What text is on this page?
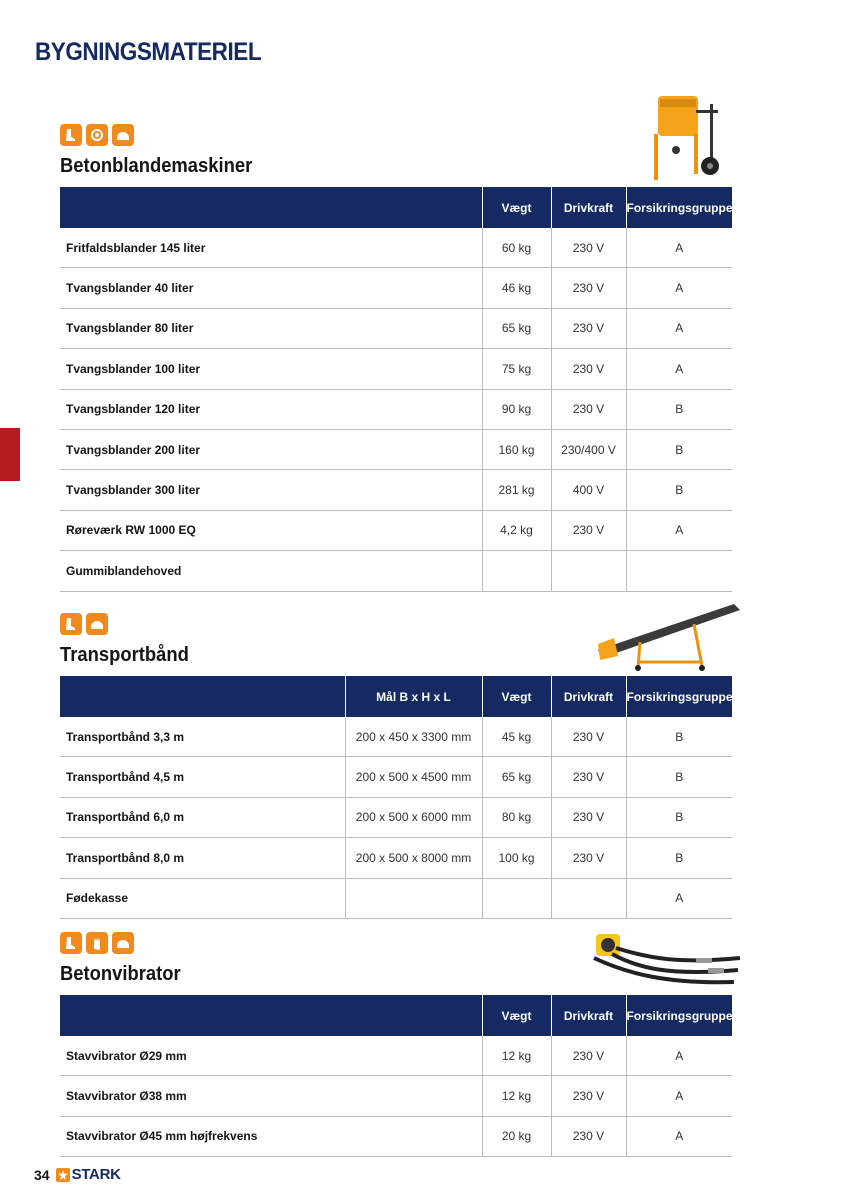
BYGNINGSMATERIEL
Betonblandemaskiner
	Vægt	Drivkraft	Forsikringsgruppe
Fritfaldsblander 145 liter	60 kg	230 V	A
Tvangsblander 40 liter	46 kg	230 V	A
Tvangsblander 80 liter	65 kg	230 V	A
Tvangsblander 100 liter	75 kg	230 V	A
Tvangsblander 120 liter	90 kg	230 V	B
Tvangsblander 200 liter	160 kg	230/400 V	B
Tvangsblander 300 liter	281 kg	400 V	B
Røreværk RW 1000 EQ	4,2 kg	230 V	A
Gummiblandehoved			
Transportbånd
	Mål B x H x L	Vægt	Drivkraft	Forsikringsgruppe
Transportbånd 3,3 m	200 x 450 x 3300 mm	45 kg	230 V	B
Transportbånd 4,5 m	200 x 500 x 4500 mm	65 kg	230 V	B
Transportbånd 6,0 m	200 x 500 x 6000 mm	80 kg	230 V	B
Transportbånd 8,0 m	200 x 500 x 8000 mm	100 kg	230 V	B
Fødekasse				A
Betonvibrator
	Vægt	Drivkraft	Forsikringsgruppe
Stavvibrator Ø29 mm	12 kg	230 V	A
Stavvibrator Ø38 mm	12 kg	230 V	A
Stavvibrator Ø45 mm højfrekvens	20 kg	230 V	A
34 STARK
